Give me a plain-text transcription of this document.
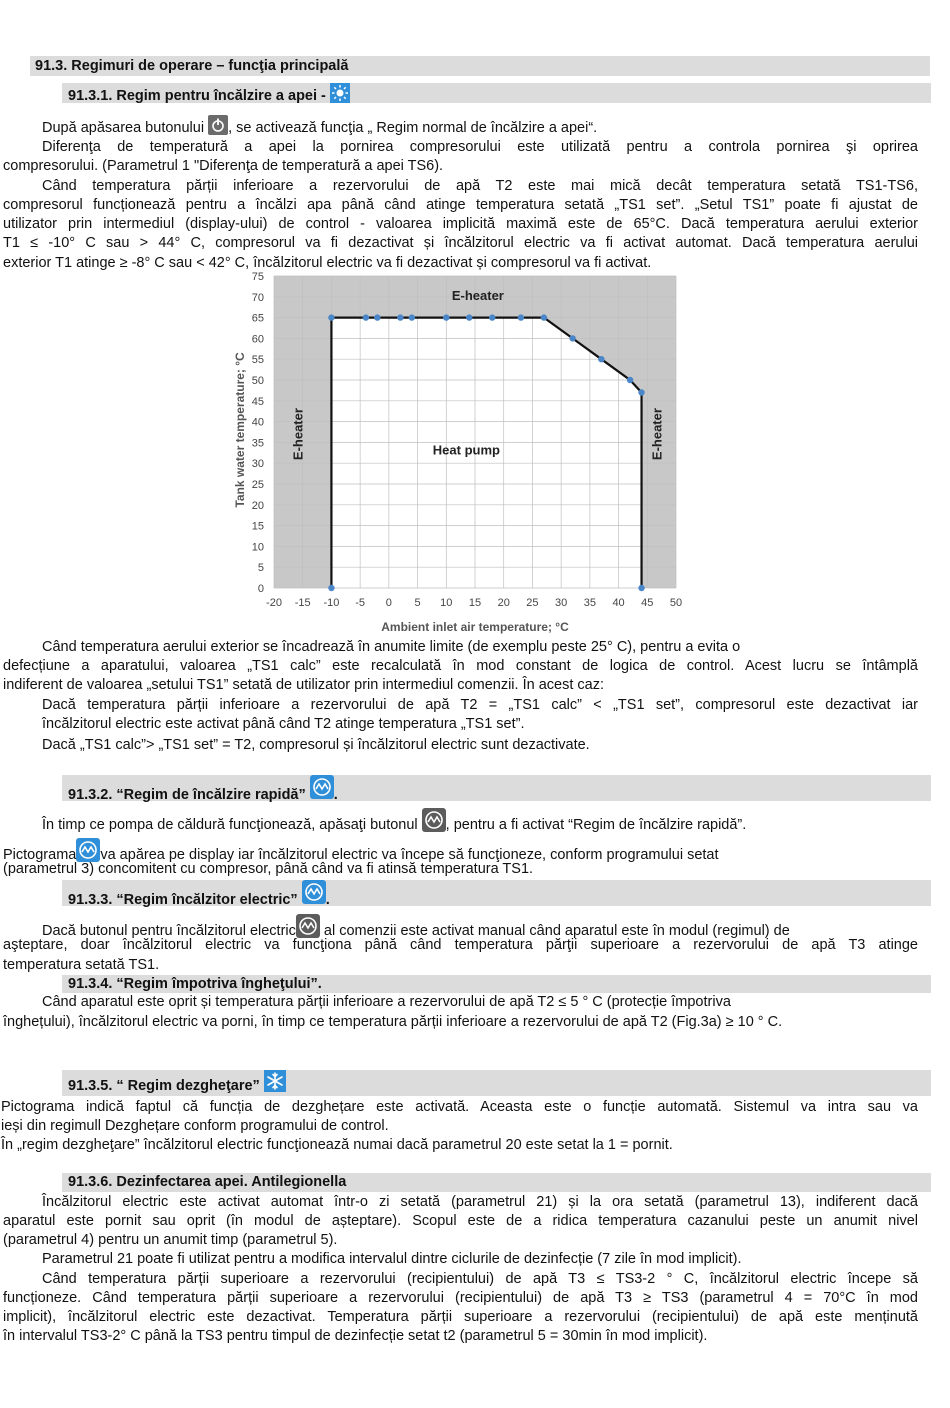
91.3. Regimuri de operare – funcţia principală
91.3.1. Regim pentru încălzire a apei -
După apăsarea butonului , se activează funcţia „ Regim normal de încălzire a apei“.
Diferenţa de temperatură a apei la pornirea compresorului este utilizată pentru a controla pornirea şi oprirea
compresorului. (Parametrul 1 "Diferenţa de temperatură a apei TS6).
Când temperatura părții inferioare a rezervorului de apă T2 este mai mică decât temperatura setată TS1-TS6,
compresorul funcționează pentru a încălzi apa până când atinge temperatura setată „TS1 set”. „Setul TS1” poate fi ajustat de
utilizator prin intermediul (display-ului) de control - valoarea implicită maximă este de 65°C. Dacă temperatura aerului exterior
T1 ≤ -10° C sau > 44° C, compresorul va fi dezactivat și încălzitorul electric va fi activat automat. Dacă temperatura aerului
exterior T1 atinge ≥ -8° C sau < 42° C, încălzitorul electric va fi dezactivat și compresorul va fi activat.
-20 -15 -10 -5 0 5 10 15 20 25 30 35 40 45 50
0
5
10
15
20
25
30
35
40
45
50
55
60
65
70
75
E-heater
Heat pump
E-heater	E-heater
Ambient inlet air temperature; °C
Tank water temperature; °C
Când temperatura aerului exterior se încadrează în anumite limite (de exemplu peste 25° C), pentru a evita o
defecțiune a aparatului, valoarea „TS1 calc” este recalculată în mod constant de logica de control. Acest lucru se întâmplă
indiferent de valoarea „setului TS1” setată de utilizator prin intermediul comenzii. În acest caz:
Dacă temperatura părții inferioare a rezervorului de apă T2 = „TS1 calc” < „TS1 set”, compresorul este dezactivat iar
încălzitorul electric este activat până când T2 atinge temperatura „TS1 set”.
Dacă „TS1 calc”> „TS1 set” = T2, compresorul și încălzitorul electric sunt dezactivate.
91.3.2. “Regim de încălzire rapidă” .
În timp ce pompa de căldură funcţionează, apăsaţi butonul , pentru a fi activat “Regim de încălzire rapidă”.
Pictograma va apărea pe display iar încălzitorul electric va începe să funcţioneze, conform programului setat
(parametrul 3) concomitent cu compresor, până când va fi atinsă temperatura TS1.
91.3.3. “Regim încălzitor electric” .
Dacă butonul pentru încălzitorul electric al comenzii este activat manual când aparatul este în modul (regimul) de
aşteptare, doar încălzitorul electric va funcţiona până când temperatura părţii superioare a rezervorului de apă T3 atinge
temperatura setată TS1.
91.3.4. “Regim împotriva îngheţului”.
Când aparatul este oprit și temperatura părții inferioare a rezervorului de apă T2 ≤ 5 ° C (protecție împotriva
înghețului), încălzitorul electric va porni, în timp ce temperatura părții inferioare a rezervorului de apă T2 (Fig.3a) ≥ 10 ° C.
91.3.5. “ Regim dezgheţare”
Pictograma indică faptul că funcția de dezghețare este activată. Aceasta este o funcție automată. Sistemul va intra sau va
ieși din regimull Dezghețare conform programului de control.
În „regim dezgheţare” încălzitorul electric funcţionează numai dacă parametrul 20 este setat la 1 = pornit.
91.3.6. Dezinfectarea apei. Antilegionella
Încălzitorul electric este activat automat într-o zi setată (parametrul 21) și la ora setată (parametrul 13), indiferent dacă
aparatul este pornit sau oprit (în modul de așteptare). Scopul este de a ridica temperatura cazanului peste un anumit nivel
(parametrul 4) pentru un anumit timp (parametrul 5).
Parametrul 21 poate fi utilizat pentru a modifica intervalul dintre ciclurile de dezinfecție (7 zile în mod implicit).
Când temperatura părții superioare a rezervorului (recipientului) de apă T3 ≤ TS3-2 ° C, încălzitorul electric începe să
funcționeze. Când temperatura părții superioare a rezervorului (recipientului) de apă T3 ≥ TS3 (parametrul 4 = 70°C în mod
implicit), încălzitorul electric este dezactivat. Temperatura părții superioare a rezervorului (recipientului) de apă este menținută
în intervalul TS3-2° C până la TS3 pentru timpul de dezinfecție setat t2 (parametrul 5 = 30min în mod implicit).
